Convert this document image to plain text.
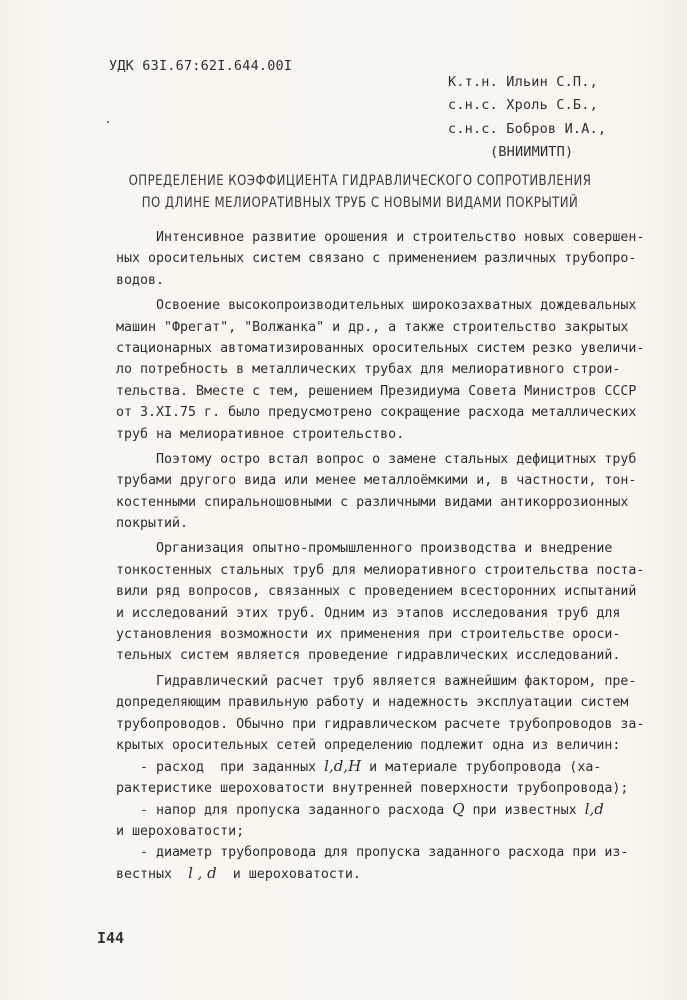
УДК 63I.67:62I.644.00I
К.т.н. Ильин С.П.,
с.н.с. Хроль С.Б.,
с.н.с. Бобров И.А.,
(ВНИИМИТП)
ОПРЕДЕЛЕНИЕ КОЭФФИЦИЕНТА ГИДРАВЛИЧЕСКОГО СОПРОТИВЛЕНИЯ
ПО ДЛИНЕ МЕЛИОРАТИВНЫХ ТРУБ С НОВЫМИ ВИДАМИ ПОКРЫТИЙ
Интенсивное развитие орошения и строительство новых совершен-
ных оросительных систем связано с применением различных трубопро-
водов.
Освоение высокопроизводительных широкозахватных дождевальных
машин "Фрегат", "Волжанка" и др., а также строительство закрытых
стационарных автоматизированных оросительных систем резко увеличи-
ло потребность в металлических трубах для мелиоративного строи-
тельства. Вместе с тем, решением Президиума Совета Министров СССР
от 3.XI.75 г. было предусмотрено сокращение расхода металлических
труб на мелиоративное строительство.
Поэтому остро встал вопрос о замене стальных дефицитных труб
трубами другого вида или менее металлоёмкими и, в частности, тон-
костенными спиральношовными с различными видами антикоррозионных
покрытий.
Организация опытно-промышленного производства и внедрение
тонкостенных стальных труб для мелиоративного строительства поста-
вили ряд вопросов, связанных с проведением всесторонних испытаний
и исследований этих труб. Одним из этапов исследования труб для
установления возможности их применения при строительстве ороси-
тельных систем является проведение гидравлических исследований.
Гидравлический расчет труб является важнейшим фактором, пре-
допределяющим правильную работу и надежность эксплуатации систем
трубопроводов. Обычно при гидравлическом расчете трубопроводов за-
крытых оросительных сетей определению подлежит одна из величин:
- расход  при заданных l,d,H и материале трубопровода (ха-
рактеристике шероховатости внутренней поверхности трубопровода);
- напор для пропуска заданного расхода Q при известных l,d
и шероховатости;
- диаметр трубопровода для пропуска заданного расхода при из-
вестных  l , d  и шероховатости.
I44
